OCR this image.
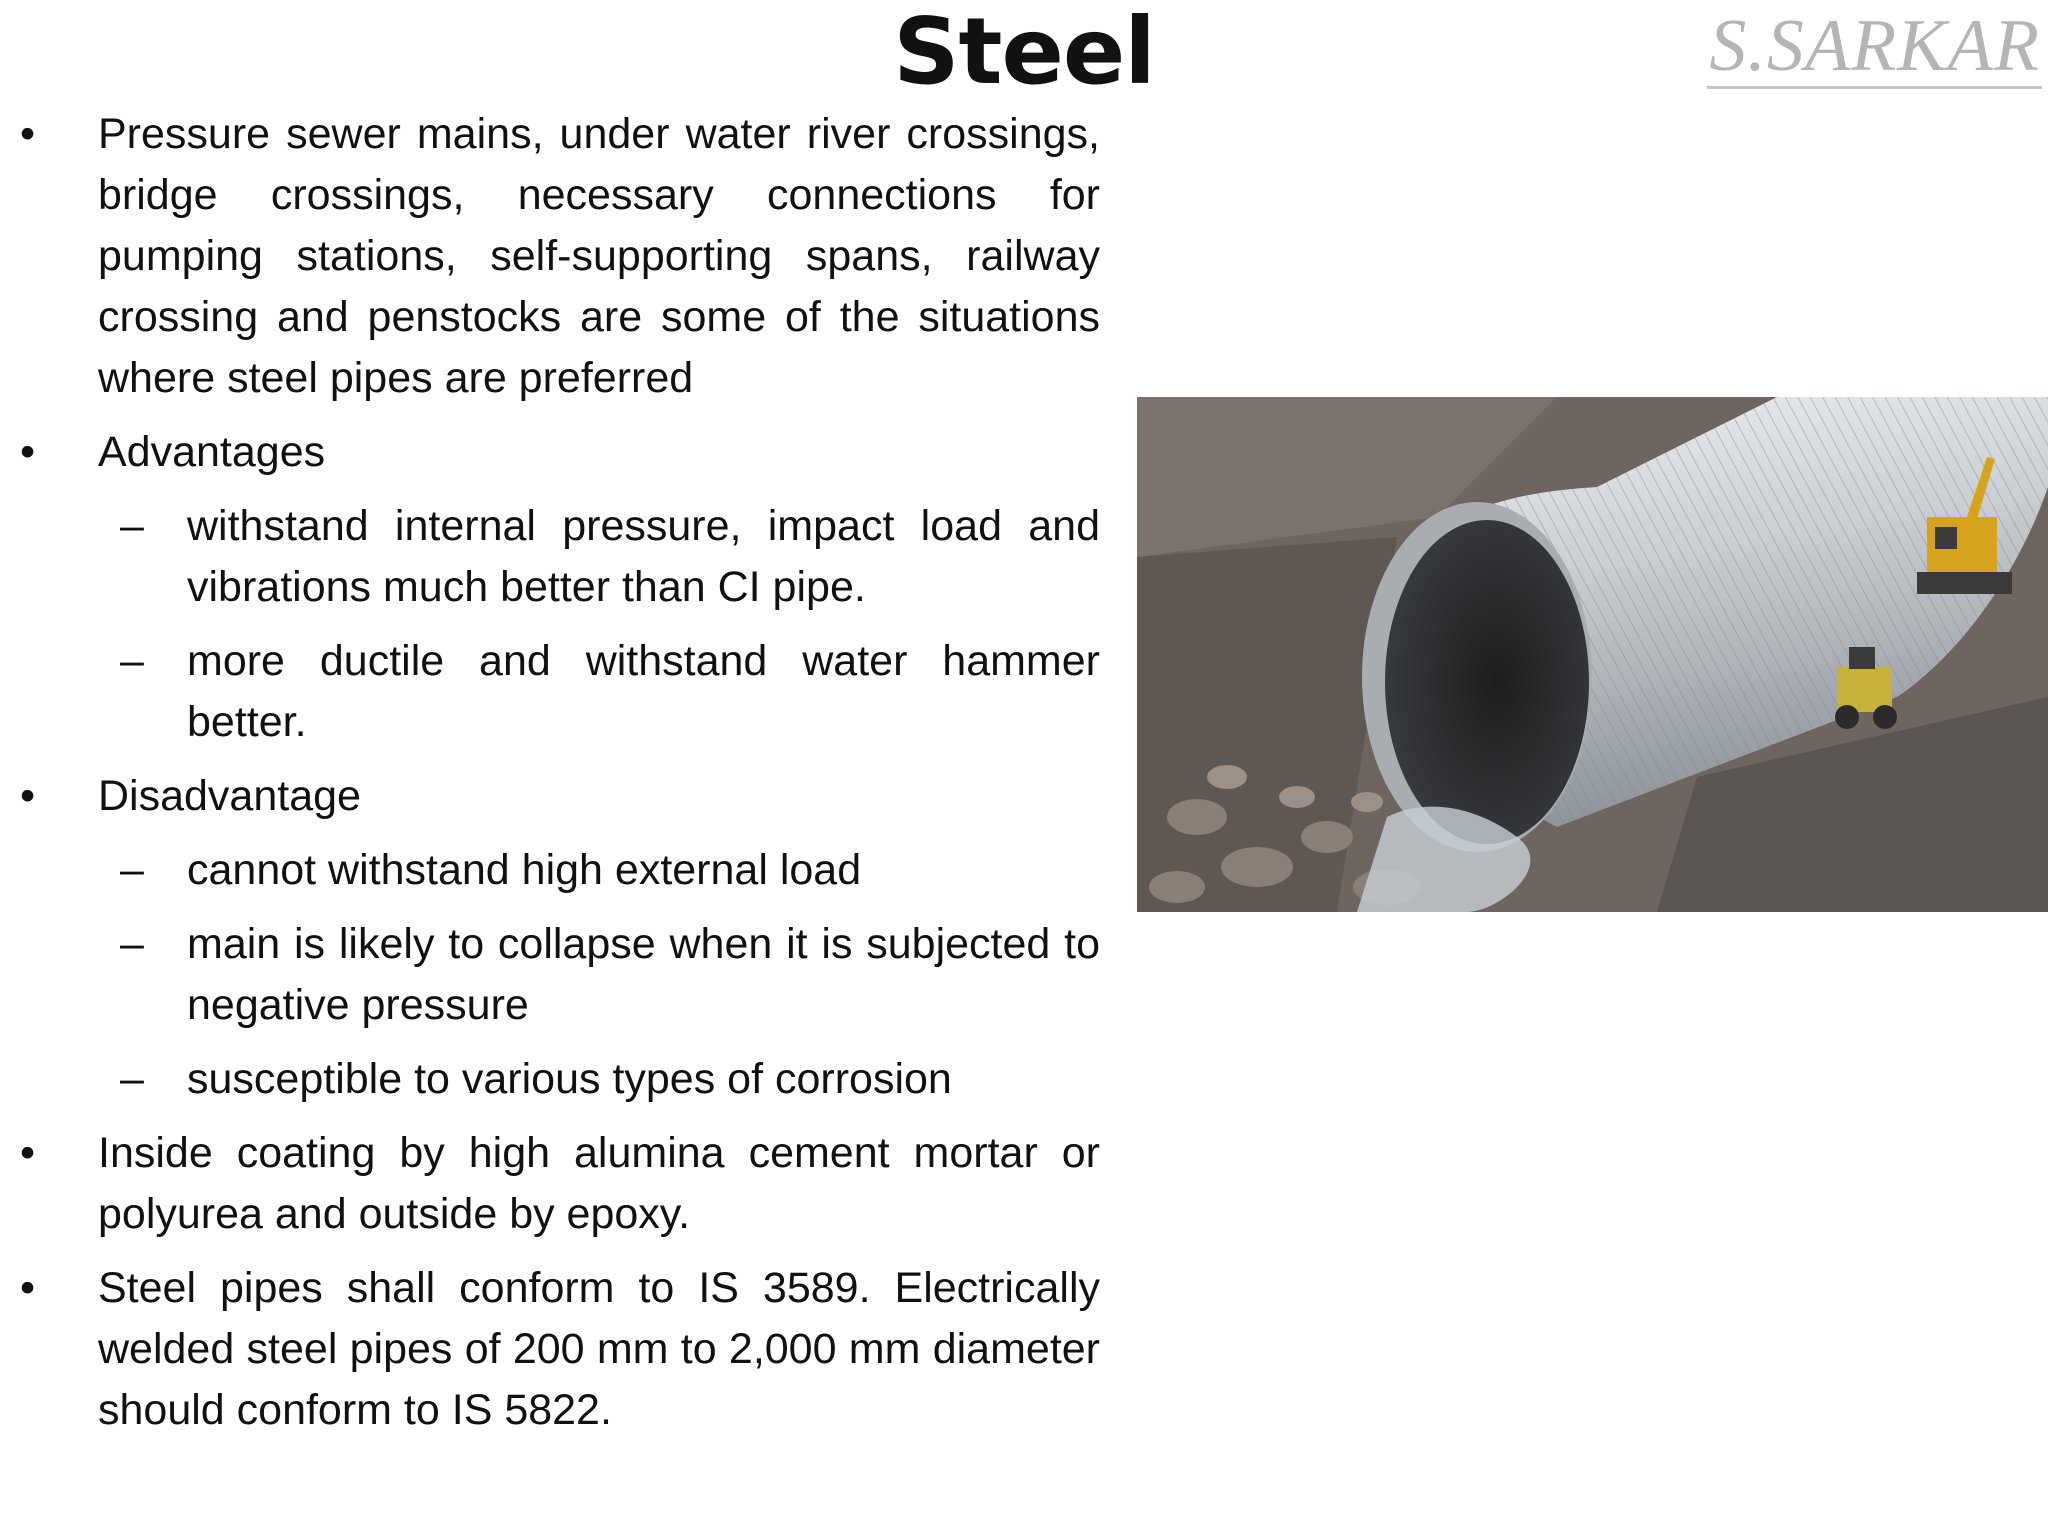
Steel	S.SARKAR
• Pressure sewer mains, under water river crossings, bridge crossings, necessary connections for pumping stations, self-supporting spans, railway crossing and penstocks are some of the situations where steel pipes are preferred
• Advantages
– withstand internal pressure, impact load and vibrations much better than CI pipe.
– more ductile and withstand water hammer better.
• Disadvantage
– cannot withstand high external load
– main is likely to collapse when it is subjected to negative pressure
– susceptible to various types of corrosion
• Inside coating by high alumina cement mortar or polyurea and outside by epoxy.
• Steel pipes shall conform to IS 3589. Electrically welded steel pipes of 200 mm to 2,000 mm diameter should conform to IS 5822.
